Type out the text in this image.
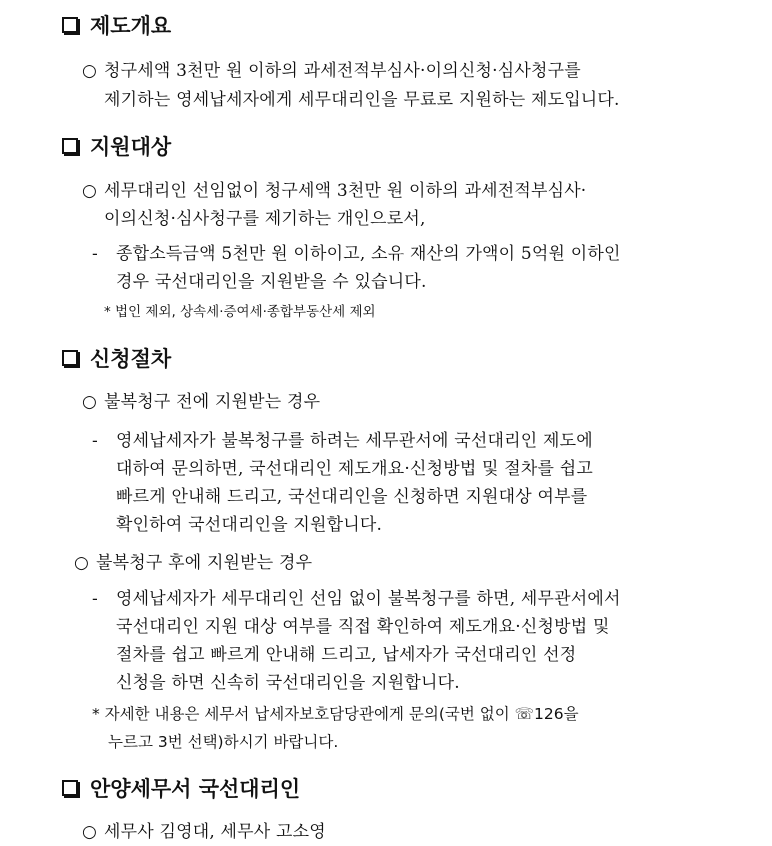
제도개요
○ 청구세액 3천만 원 이하의 과세전적부심사·이의신청·심사청구를
제기하는 영세납세자에게 세무대리인을 무료로 지원하는 제도입니다.
지원대상
○ 세무대리인 선임없이 청구세액 3천만 원 이하의 과세전적부심사·
이의신청·심사청구를 제기하는 개인으로서,
- 종합소득금액 5천만 원 이하이고, 소유 재산의 가액이 5억원 이하인
경우 국선대리인을 지원받을 수 있습니다.
* 법인 제외, 상속세·증여세·종합부동산세 제외
신청절차
○ 불복청구 전에 지원받는 경우
- 영세납세자가 불복청구를 하려는 세무관서에 국선대리인 제도에
대하여 문의하면, 국선대리인 제도개요·신청방법 및 절차를 쉽고
빠르게 안내해 드리고, 국선대리인을 신청하면 지원대상 여부를
확인하여 국선대리인을 지원합니다.
○ 불복청구 후에 지원받는 경우
- 영세납세자가 세무대리인 선임 없이 불복청구를 하면, 세무관서에서
국선대리인 지원 대상 여부를 직접 확인하여 제도개요·신청방법 및
절차를 쉽고 빠르게 안내해 드리고, 납세자가 국선대리인 선정
신청을 하면 신속히 국선대리인을 지원합니다.
* 자세한 내용은 세무서 납세자보호담당관에게 문의(국번 없이 ☏126을
누르고 3번 선택)하시기 바랍니다.
안양세무서 국선대리인
○ 세무사 김영대, 세무사 고소영
